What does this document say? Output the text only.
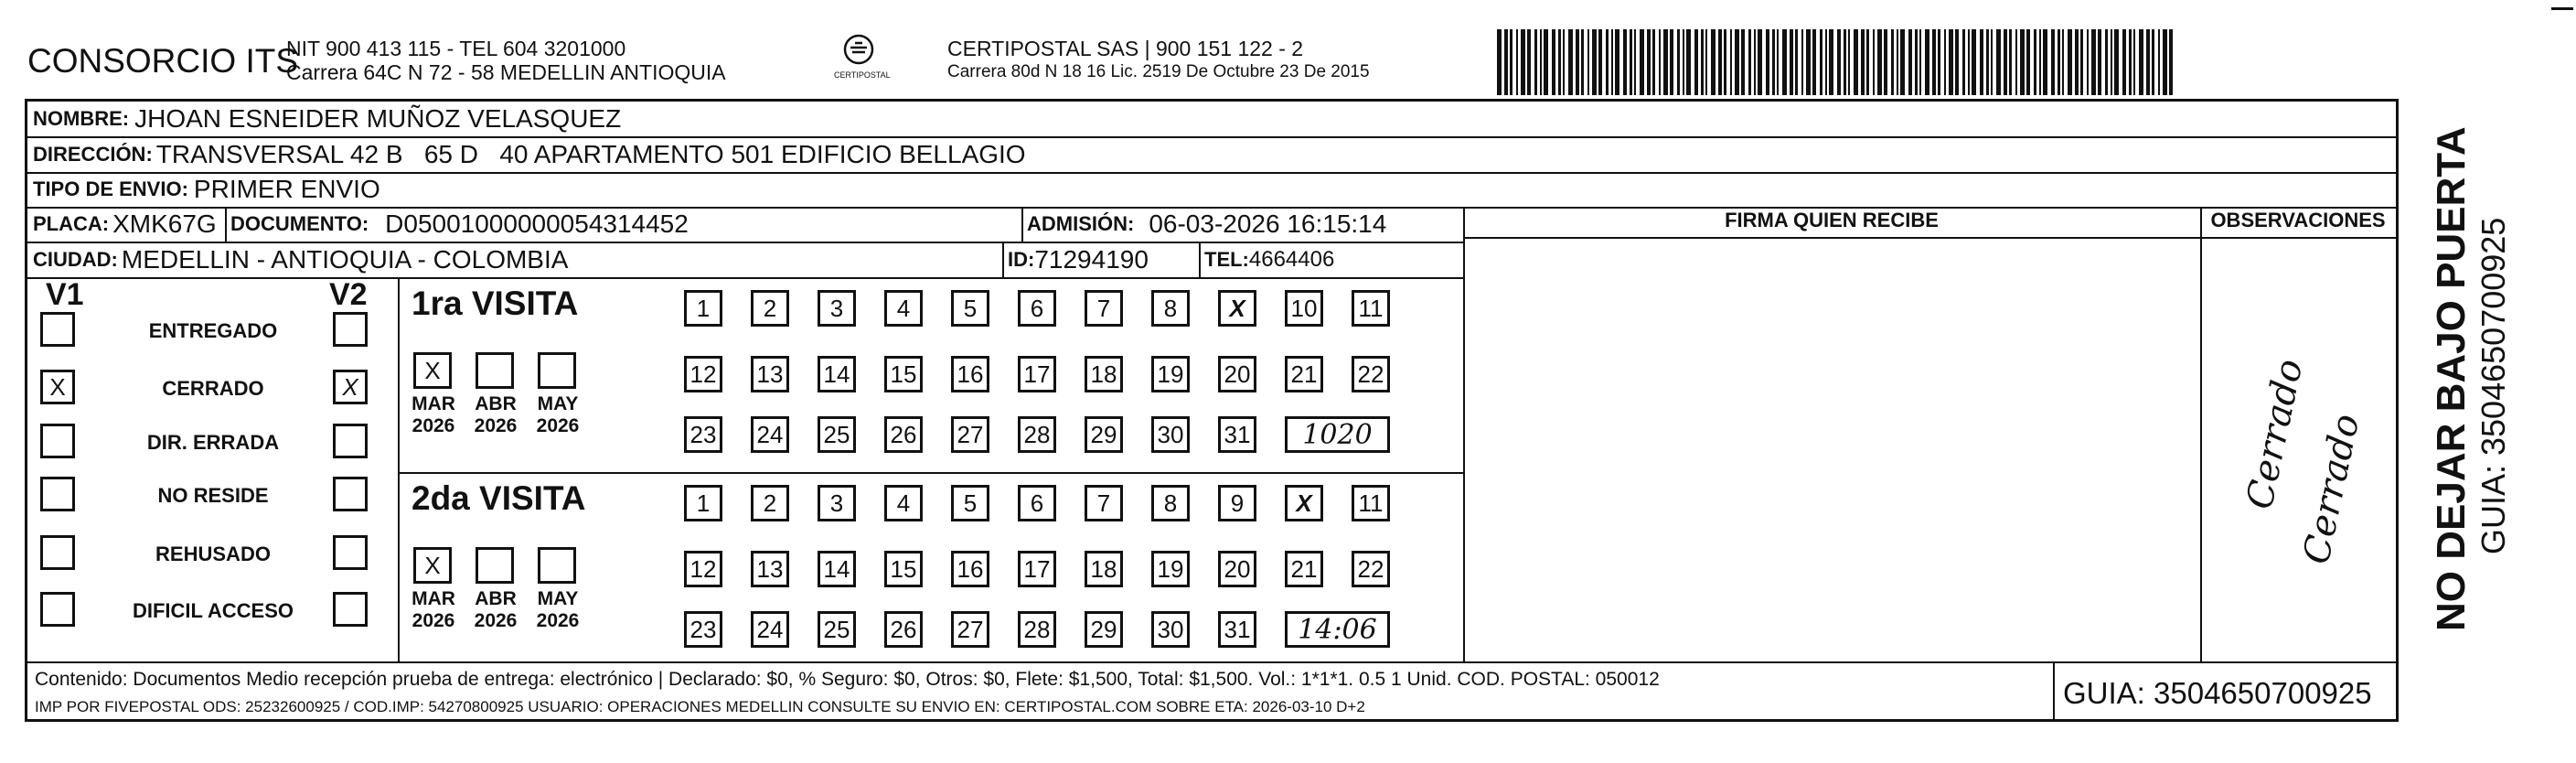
CONSORCIO ITS
NIT 900 413 115 - TEL 604 3201000
Carrera 64C N 72 - 58 MEDELLIN ANTIOQUIA	CERTIPOSTAL
CERTIPOSTAL SAS | 900 151 122 - 2
Carrera 80d N 18 16 Lic. 2519 De Octubre 23 De 2015
NOMBRE: JHOAN ESNEIDER MUÑOZ VELASQUEZ
DIRECCIÓN: TRANSVERSAL 42 B   65 D   40 APARTAMENTO 501 EDIFICIO BELLAGIO
TIPO DE ENVIO: PRIMER ENVIO
FIRMA QUIEN RECIBE	OBSERVACIONES
PLACA: XMK67G DOCUMENTO: D05001000000054314452	ADMISIÓN: 06-03-2026 16:15:14
CIUDAD: MEDELLIN - ANTIOQUIA - COLOMBIA	ID: 71294190	TEL: 4664406
V1	V2
ENTREGADO
X	CERRADO	X
DIR. ERRADA
NO RESIDE
REHUSADO
DIFICIL ACCESO
1ra VISITA
X
MAR
2026
ABR
2026
MAY
2026
1	2	3	4	5	6	7	8	X	10 11
12 13 14 15 16 17 18 19 20 21 22
23 24 25 26 27 28 29 30 31	1020
2da VISITA
X
MAR
2026
ABR
2026
MAY
2026
1	2	3	4	5	6	7	8	9	X	11
12 13 14 15 16 17 18 19 20 21 22
23 24 25 26 27 28 29 30 31	14:06
Cerrado
Cerrado
Contenido: Documentos Medio recepción prueba de entrega: electrónico | Declarado: $0, % Seguro: $0, Otros: $0, Flete: $1,500, Total: $1,500. Vol.: 1*1*1. 0.5 1 Unid. COD. POSTAL: 050012
IMP POR FIVEPOSTAL ODS: 25232600925 / COD.IMP: 54270800925 USUARIO: OPERACIONES MEDELLIN CONSULTE SU ENVIO EN: CERTIPOSTAL.COM SOBRE ETA: 2026-03-10 D+2	GUIA: 3504650700925
NO DEJAR BAJO PUERTA GUIA: 3504650700925
